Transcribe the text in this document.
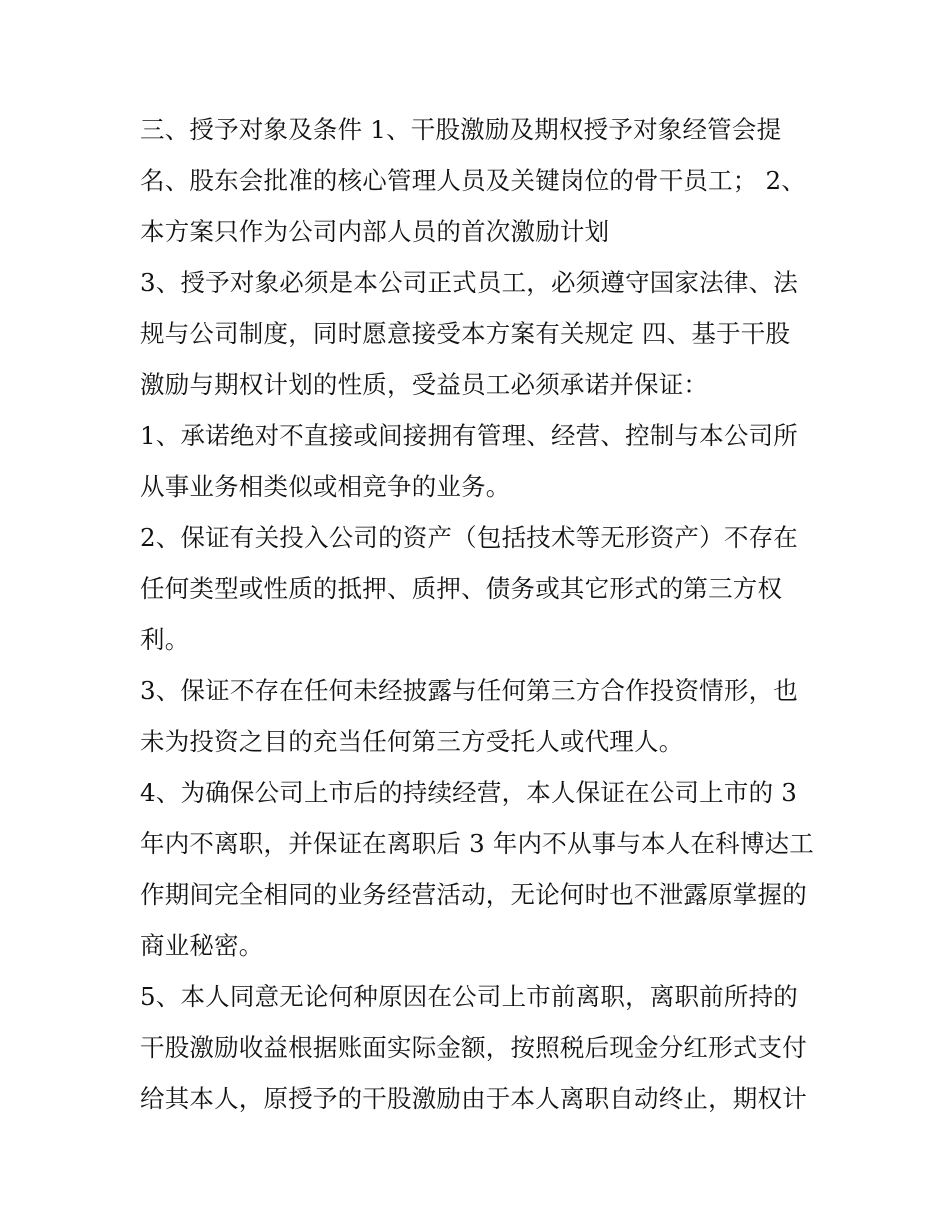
三、授予对象及条件 1、干股激励及期权授予对象经管会提
名、股东会批准的核心管理人员及关键岗位的骨干员工； 2、
本方案只作为公司内部人员的首次激励计划
3、授予对象必须是本公司正式员工，必须遵守国家法律、法
规与公司制度，同时愿意接受本方案有关规定 四、基于干股
激励与期权计划的性质，受益员工必须承诺并保证：
1、承诺绝对不直接或间接拥有管理、经营、控制与本公司所
从事业务相类似或相竞争的业务。
2、保证有关投入公司的资产（包括技术等无形资产）不存在
任何类型或性质的抵押、质押、债务或其它形式的第三方权
利。
3、保证不存在任何未经披露与任何第三方合作投资情形，也
未为投资之目的充当任何第三方受托人或代理人。
4、为确保公司上市后的持续经营，本人保证在公司上市的 3
年内不离职，并保证在离职后 3 年内不从事与本人在科博达工
作期间完全相同的业务经营活动，无论何时也不泄露原掌握的
商业秘密。
5、本人同意无论何种原因在公司上市前离职，离职前所持的
干股激励收益根据账面实际金额，按照税后现金分红形式支付
给其本人，原授予的干股激励由于本人离职自动终止，期权计
